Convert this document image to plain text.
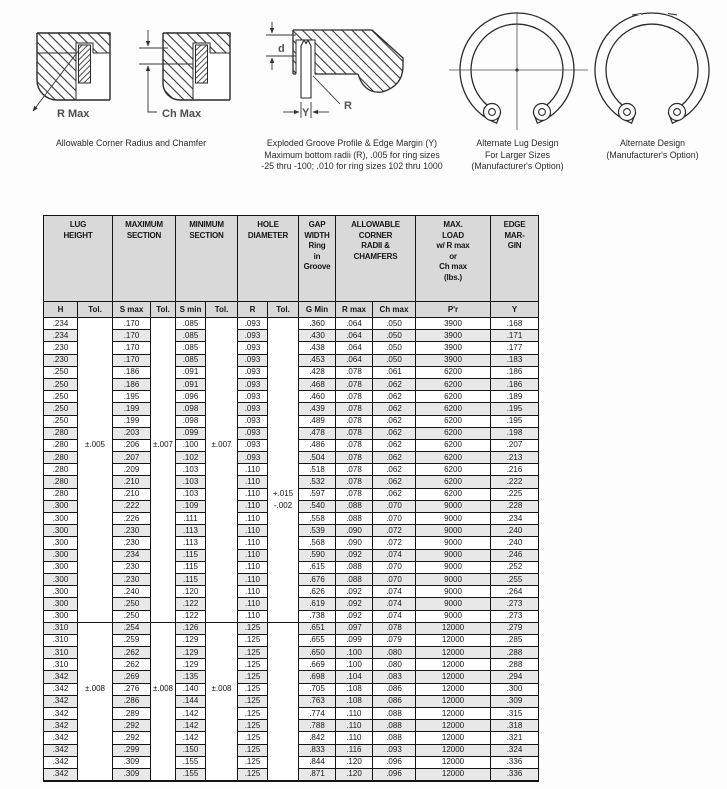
R Max	Ch Max
d
R
Y
Allowable Corner Radius and Chamfer	Exploded Groove Profile & Edge Margin (Y)
Maximum bottom radii (R), .005 for ring sizes
-25 thru -100; .010 for ring sizes 102 thru 1000
Alternate Lug Design
For Larger Sizes
(Manufacturer's Option)
Alternate Design
(Manufacturer's Option)
LUG
HEIGHT

MAXIMUM
SECTION

MINIMUM
SECTION

HOLE
DIAMETER

GAP
WIDTH
Ring
in
Groove

ALLOWABLE
CORNER
RADII &
CHAMFERS

MAX.
LOAD
w/ R max
or
Ch max
(lbs.)

EDGE
MAR-
GIN

H	Tol.	S max	Tol.	S min	Tol.	R	Tol.	G Min	R max	Ch max	P'r	Y
.234		.170		.085		.093		.360	.064	.050	3900	.168
.234		.170		.085		.093		.430	.064	.050	3900	.171
.230		.170		.085		.093		.438	.064	.050	3900	.177
.230		.170		.085		.093		.453	.064	.050	3900	.183
.250		.186		.091		.093		.428	.078	.061	6200	.186
.250		.186		.091		.093		.468	.078	.062	6200	.186
.250		.195		.096		.093		.460	.078	.062	6200	.189
.250		.199		.098		.093		.439	.078	.062	6200	.195
.250		.199		.098		.093		.489	.078	.062	6200	.195
.280		.203		.099		.093		.478	.078	.062	6200	.198
.280	±.005	.206	±.007	.100	±.007	.093		.486	.078	.062	6200	.207
.280		.207		.102		.093		.504	.078	.062	6200	.213
.280		.209		.103		.110		.518	.078	.062	6200	.216
.280		.210		.103		.110		.532	.078	.062	6200	.222
.280		.210		.103		.110	+.015	.597	.078	.062	6200	.225
.300		.222		.109		.110	-.002	.540	.088	.070	9000	.228
.300		.226		.111		.110		.558	.088	.070	9000	.234
.300		.230		.113		.110		.539	.090	.072	9000	.240
.300		.230		.113		.110		.568	.090	.072	9000	.240
.300		.234		.115		.110		.590	.092	.074	9000	.246
.300		.230		.115		.110		.615	.088	.070	9000	.252
.300		.230		.115		.110		.676	.088	.070	9000	.255
.300		.240		.120		.110		.626	.092	.074	9000	.264
.300		.250		.122		.110		.619	.092	.074	9000	.273
.300		.250		.122		.110		.738	.092	.074	9000	.273
.310		.254		.126		.125		.651	.097	.078	12000	.279
.310		.259		.129		.125		.655	.099	.079	12000	.285
.310		.262		.129		.125		.650	.100	.080	12000	.288
.310		.262		.129		.125		.669	.100	.080	12000	.288
.342		.269		.135		.125		.698	.104	.083	12000	.294
.342	±.008	.276	±.008	.140	±.008	.125		.705	.108	.086	12000	.300
.342		.286		.144		.125		.763	.108	.086	12000	.309
.342		.289		.142		.125		.774	.110	.088	12000	.315
.342		.292		.142		.125		.788	.110	.088	12000	.318
.342		.292		.142		.125		.842	.110	.088	12000	.321
.342		.299		.150		.125		.833	.116	.093	12000	.324
.342		.309		.155		.125		.844	.120	.096	12000	.336
.342		.309		.155		.125		.871	.120	.096	12000	.336
